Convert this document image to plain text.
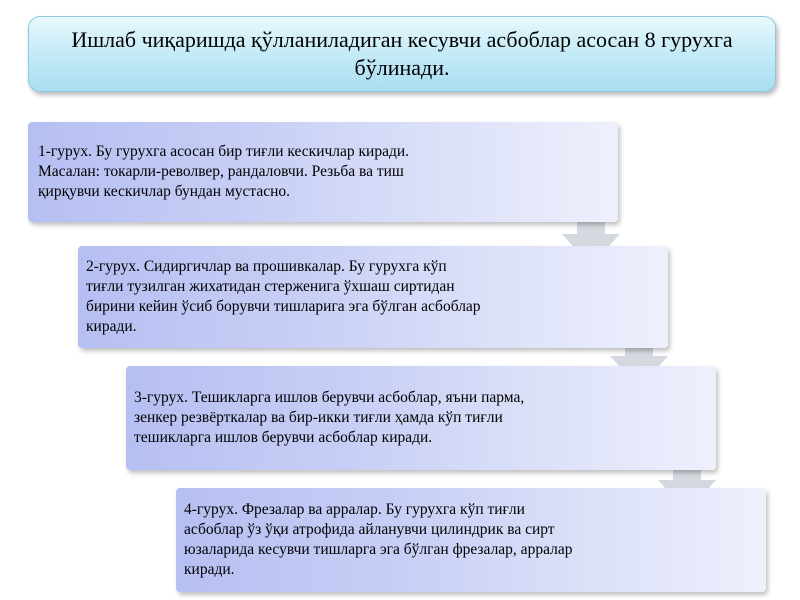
Ишлаб чиқаришда қўлланиладиган кесувчи асбоблар асосан 8 гурухга бўлинади.
1-гурух. Бу гурухга асосан бир тиғли кескичлар киради.
Масалан: токарли-револвер, рандаловчи. Резьба ва тиш
қирқувчи кескичлар бундан мустасно.
2-гурух. Сидиргичлар ва прошивкалар. Бу гурухга кўп
тиғли тузилган жихатидан стерженига ўхшаш сиртидан
бирини кейин ўсиб борувчи тишларига эга бўлган асбоблар
киради.
3-гурух. Тешикларга ишлов берувчи асбоблар, яъни парма,
зенкер резвёрткалар ва бир-икки тиғли ҳамда кўп тиғли
тешикларга ишлов берувчи асбоблар киради.
4-гурух. Фрезалар ва арралар. Бу гурухга кўп тиғли
асбоблар ўз ўқи атрофида айланувчи цилиндрик ва сирт
юзаларида кесувчи тишларга эга бўлган фрезалар, арралар
киради.
